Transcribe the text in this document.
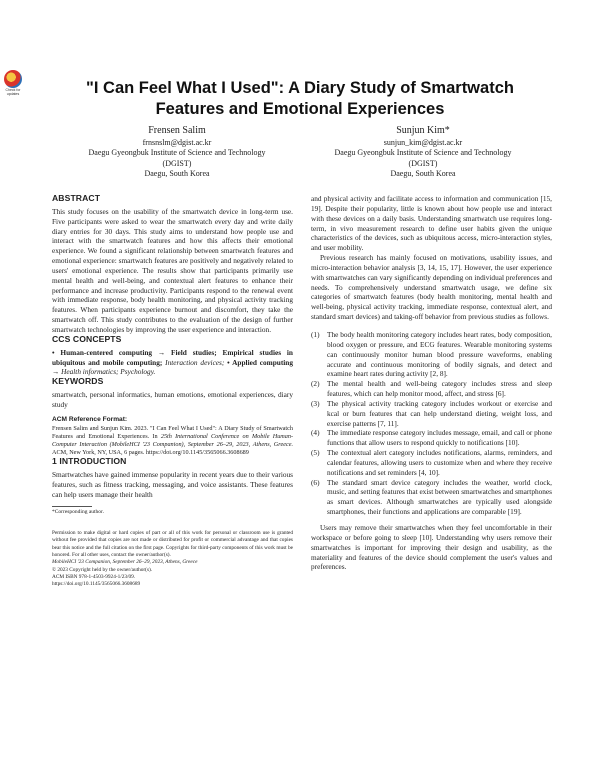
Check for updates	"I Can Feel What I Used": A Diary Study of Smartwatch Features and Emotional Experiences
Frensen Salim
frnsnslm@dgist.ac.kr
Daegu Gyeongbuk Institute of Science and Technology
(DGIST)
Daegu, South Korea
Sunjun Kim*
sunjun_kim@dgist.ac.kr
Daegu Gyeongbuk Institute of Science and Technology
(DGIST)
Daegu, South Korea
ABSTRACT

This study focuses on the usability of the smartwatch device in long-term use. Five participants were asked to wear the smartwatch every day and write daily diary entries for 30 days. This study aims to understand how people use and interact with the smartwatch features and how this affects their emotional experience. We found a significant relationship between smartwatch features and emotional experience: smartwatch features are positively and negatively related to users' emotional experience. The results show that participants primarily use mental health and well-being, and contextual alert features to enhance their performance and increase productivity. Participants respond to the renewal event with immediate response, body health monitoring, and physical activity tracking features. When participants experience burnout and discomfort, they take the smartwatch off. This study contributes to the evaluation of the design of further smartwatch technologies by improving the user experience and interaction.

CCS CONCEPTS

• Human-centered computing → Field studies; Empirical studies in ubiquitous and mobile computing; Interaction devices; • Applied computing → Health informatics; Psychology.

KEYWORDS

smartwatch, personal informatics, human emotions, emotional experiences, diary study

ACM Reference Format:

Frensen Salim and Sunjun Kim. 2023. "I Can Feel What I Used": A Diary Study of Smartwatch Features and Emotional Experiences. In 25th International Conference on Mobile Human-Computer Interaction (MobileHCI '23 Companion), September 26–29, 2023, Athens, Greece. ACM, New York, NY, USA, 6 pages. https://doi.org/10.1145/3565066.3608689

1 INTRODUCTION

Smartwatches have gained immense popularity in recent years due to their various features, such as fitness tracking, messaging, and voice assistants. These features can help users manage their health

*Corresponding author.

Permission to make digital or hard copies of part or all of this work for personal or classroom use is granted without fee provided that copies are not made or distributed for profit or commercial advantage and that copies bear this notice and the full citation on the first page. Copyrights for third-party components of this work must be honored. For all other uses, contact the owner/author(s).

MobileHCI '23 Companion, September 26–29, 2023, Athens, Greece

© 2023 Copyright held by the owner/author(s).

ACM ISBN 978-1-4503-9924-1/23/09.

https://doi.org/10.1145/3565066.3608689

and physical activity and facilitate access to information and communication [15, 19]. Despite their popularity, little is known about how people use and interact with these devices on a daily basis. Understanding smartwatch use requires long-term, in vivo measurement research to define user habits given the unique characteristics of the devices, such as ubiquitous access, micro-interaction styles, and user mobility.

Previous research has mainly focused on motivations, usability issues, and micro-interaction behavior analysis [3, 14, 15, 17]. However, the user experience with smartwatches can vary significantly depending on individual preferences and needs. To comprehensively understand smartwatch usage, we define six categories of smartwatch features (body health monitoring, mental health and well-being, physical activity tracking, immediate response, contextual alert, and standard smart devices) and taking-off behavior from previous studies as follows.

(1)	The body health monitoring category includes heart rates, body composition, blood oxygen or pressure, and ECG features. Wearable monitoring systems can continuously monitor human blood pressure waveforms, enabling accurate and continuous monitoring of bodily signals, and detect and examine heart rates during activity [2, 8].
(2)	The mental health and well-being category includes stress and sleep features, which can help monitor mood, affect, and stress [6].
(3)	The physical activity tracking category includes workout or exercise and kcal or burn features that can help understand dieting, weight loss, and exercise patterns [7, 11].
(4)	The immediate response category includes message, email, and call or phone functions that allow users to respond quickly to notifications [10].
(5)	The contextual alert category includes notifications, alarms, reminders, and calendar features, allowing users to customize when and where they receive notifications and set reminders [4, 10].
(6)	The standard smart device category includes the weather, world clock, music, and setting features that exist between smartwatches and smartphones as smart devices. Although smartwatches are typically used alongside smartphones, their functions and applications are comparable [19].

Users may remove their smartwatches when they feel uncomfortable in their workspace or before going to sleep [10]. Understanding why users remove their smartwatches is important for improving their design and usability, as the materiality and features of the device should complement the user's values and preferences.
